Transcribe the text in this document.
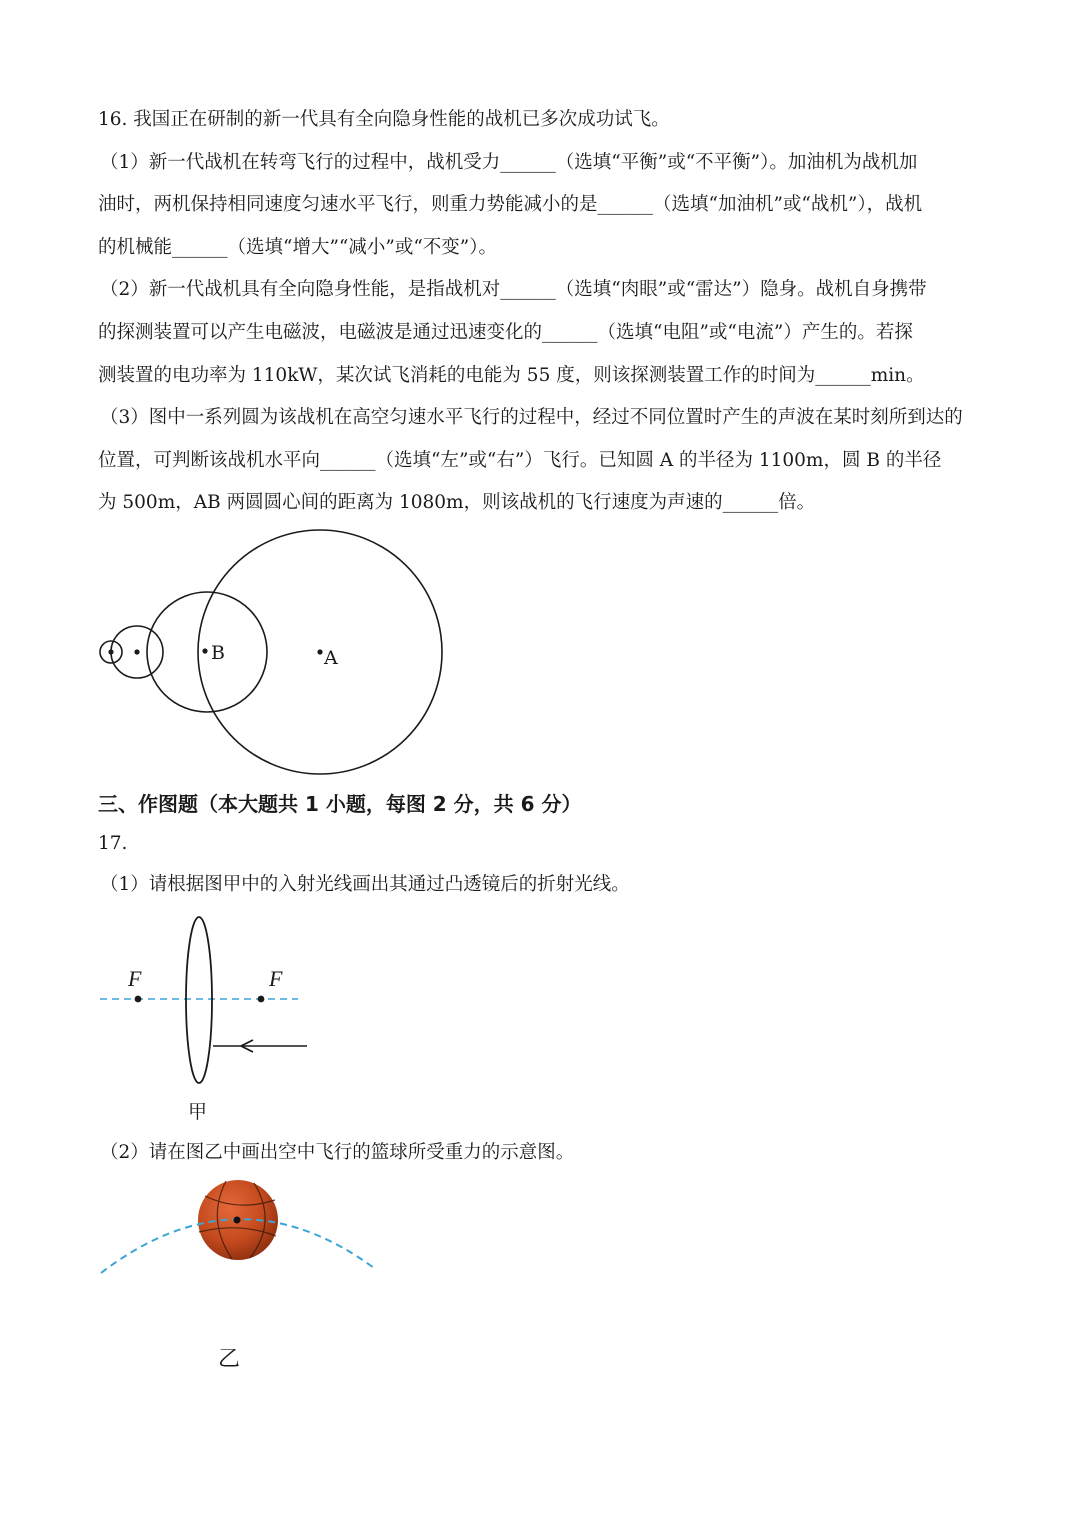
16. 我国正在研制的新一代具有全向隐身性能的战机已多次成功试飞。
（1）新一代战机在转弯飞行的过程中，战机受力______（选填“平衡”或“不平衡”）。加油机为战机加
油时，两机保持相同速度匀速水平飞行，则重力势能减小的是______（选填“加油机”或“战机”），战机
的机械能______（选填“增大”“减小”或“不变”）。
（2）新一代战机具有全向隐身性能，是指战机对______（选填“肉眼”或“雷达”）隐身。战机自身携带
的探测装置可以产生电磁波，电磁波是通过迅速变化的______（选填“电阻”或“电流”）产生的。若探
测装置的电功率为 110kW，某次试飞消耗的电能为 55 度，则该探测装置工作的时间为______min。
（3）图中一系列圆为该战机在高空匀速水平飞行的过程中，经过不同位置时产生的声波在某时刻所到达的
位置，可判断该战机水平向______（选填“左”或“右”）飞行。已知圆 A 的半径为 1100m，圆 B 的半径
为 500m，AB 两圆圆心间的距离为 1080m，则该战机的飞行速度为声速的______倍。
A
B
F	F
甲
乙
三、作图题（本大题共 1 小题，每图 2 分，共 6 分）
17.
（1）请根据图甲中的入射光线画出其通过凸透镜后的折射光线。
（2）请在图乙中画出空中飞行的篮球所受重力的示意图。
